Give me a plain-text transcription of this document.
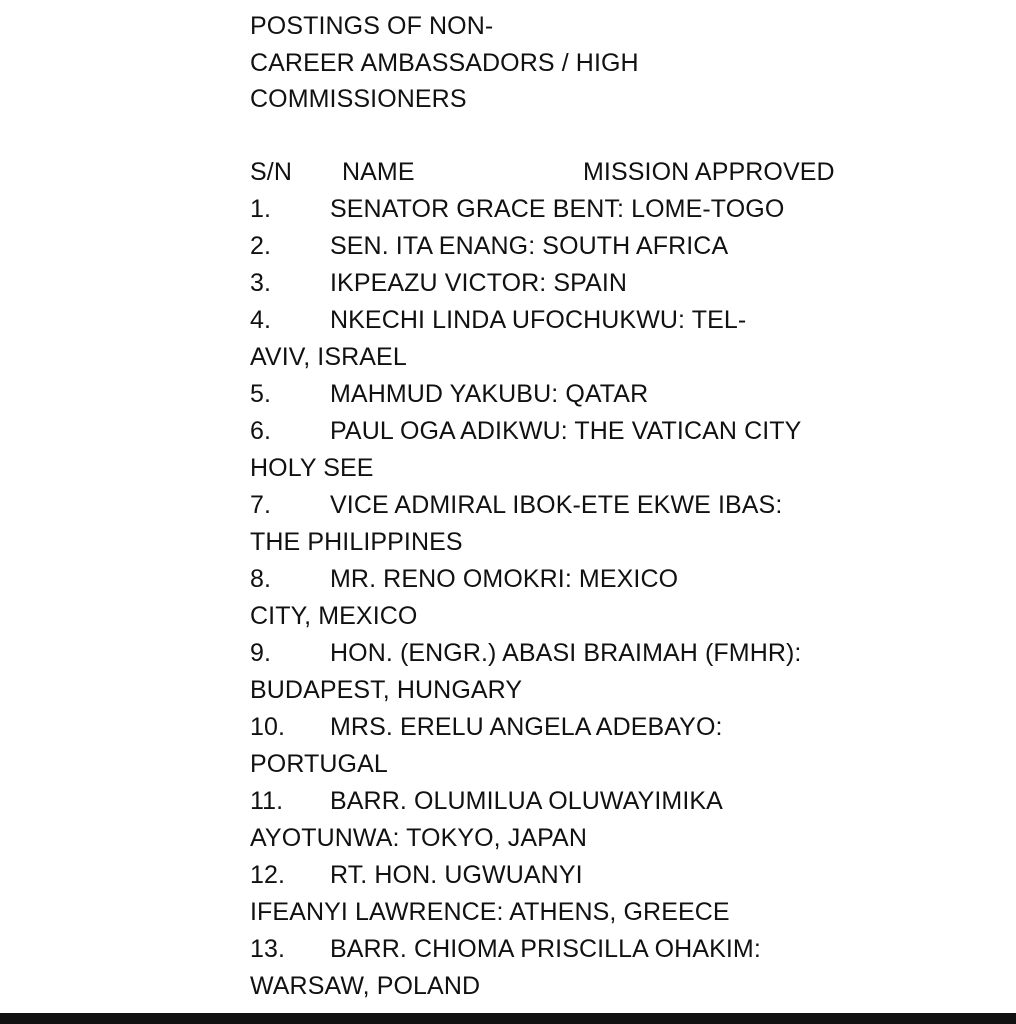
POSTINGS OF NON-
CAREER AMBASSADORS / HIGH
COMMISSIONERS
S/N NAME	MISSION APPROVED
1. SENATOR GRACE BENT: LOME-TOGO
2. SEN. ITA ENANG: SOUTH AFRICA
3. IKPEAZU VICTOR: SPAIN
4. NKECHI LINDA UFOCHUKWU: TEL-
AVIV, ISRAEL
5. MAHMUD YAKUBU: QATAR
6. PAUL OGA ADIKWU: THE VATICAN CITY
HOLY SEE
7. VICE ADMIRAL IBOK-ETE EKWE IBAS:
THE PHILIPPINES
8. MR. RENO OMOKRI: MEXICO
CITY, MEXICO
9. HON. (ENGR.) ABASI BRAIMAH (FMHR):
BUDAPEST, HUNGARY
10. MRS. ERELU ANGELA ADEBAYO:
PORTUGAL
11. BARR. OLUMILUA OLUWAYIMIKA
AYOTUNWA: TOKYO, JAPAN
12. RT. HON. UGWUANYI
IFEANYI LAWRENCE: ATHENS, GREECE
13. BARR. CHIOMA PRISCILLA OHAKIM:
WARSAW, POLAND
